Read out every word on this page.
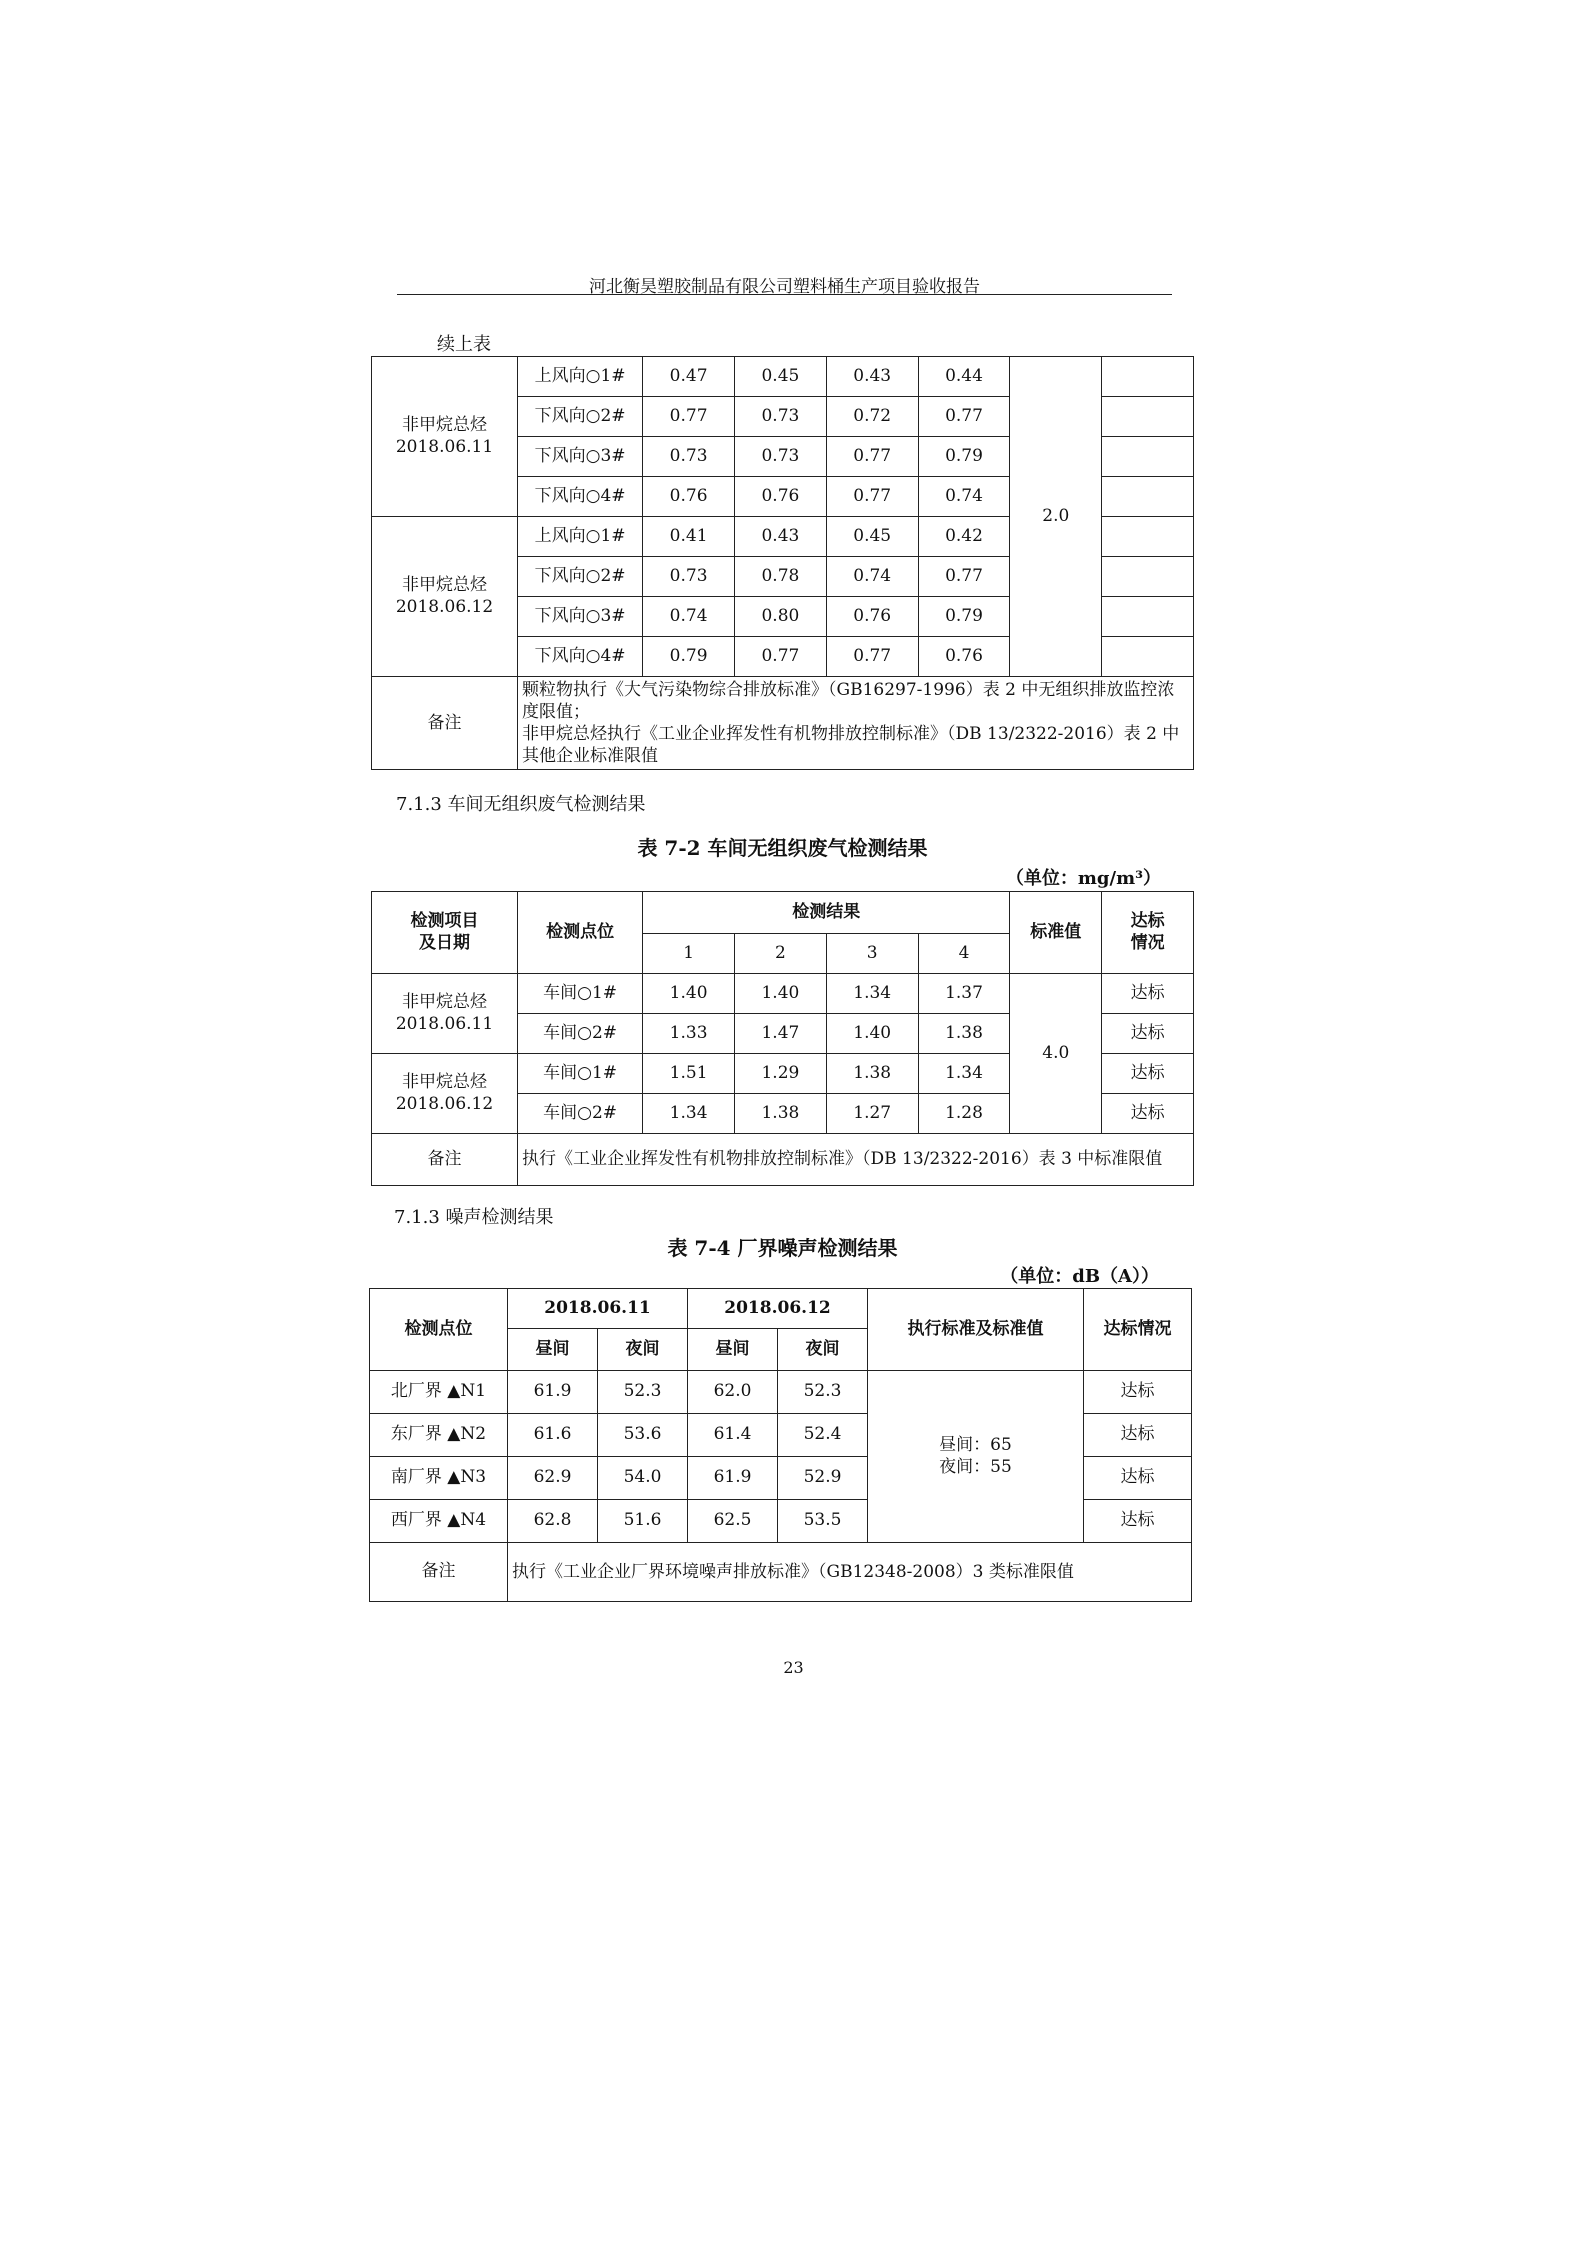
河北衡昊塑胶制品有限公司塑料桶生产项目验收报告
续上表
非甲烷总烃
2018.06.11	上风向○1#	0.47	0.45	0.43	0.44	2.0	
	下风向○2#	0.77	0.73	0.72	0.77		
	下风向○3#	0.73	0.73	0.77	0.79		
	下风向○4#	0.76	0.76	0.77	0.74		
非甲烷总烃
2018.06.12	上风向○1#	0.41	0.43	0.45	0.42		
	下风向○2#	0.73	0.78	0.74	0.77		
	下风向○3#	0.74	0.80	0.76	0.79		
	下风向○4#	0.79	0.77	0.77	0.76		
备注	颗粒物执行《大气污染物综合排放标准》（GB16297-1996）表 2 中无组织排放监控浓度限值；
非甲烷总烃执行《工业企业挥发性有机物排放控制标准》（DB 13/2322-2016）表 2 中其他企业标准限值						
7.1.3 车间无组织废气检测结果
表 7-2 车间无组织废气检测结果
（单位：mg/m³）
检测项目
及日期	检测点位	检测结果				标准值	达标
情况
		1	2	3	4		
非甲烷总烃
2018.06.11	车间○1#	1.40	1.40	1.34	1.37	4.0	达标
	车间○2#	1.33	1.47	1.40	1.38		达标
非甲烷总烃
2018.06.12	车间○1#	1.51	1.29	1.38	1.34		达标
	车间○2#	1.34	1.38	1.27	1.28		达标
备注	执行《工业企业挥发性有机物排放控制标准》（DB 13/2322-2016）表 3 中标准限值						
7.1.3 噪声检测结果
表 7-4 厂界噪声检测结果
（单位：dB（A））
检测点位	2018.06.11		2018.06.12		执行标准及标准值	达标情况
	昼间	夜间	昼间	夜间		
北厂界 ▲N1	61.9	52.3	62.0	52.3	昼间：65
夜间：55	达标
东厂界 ▲N2	61.6	53.6	61.4	52.4		达标
南厂界 ▲N3	62.9	54.0	61.9	52.9		达标
西厂界 ▲N4	62.8	51.6	62.5	53.5		达标
备注	执行《工业企业厂界环境噪声排放标准》（GB12348-2008）3 类标准限值					
23
